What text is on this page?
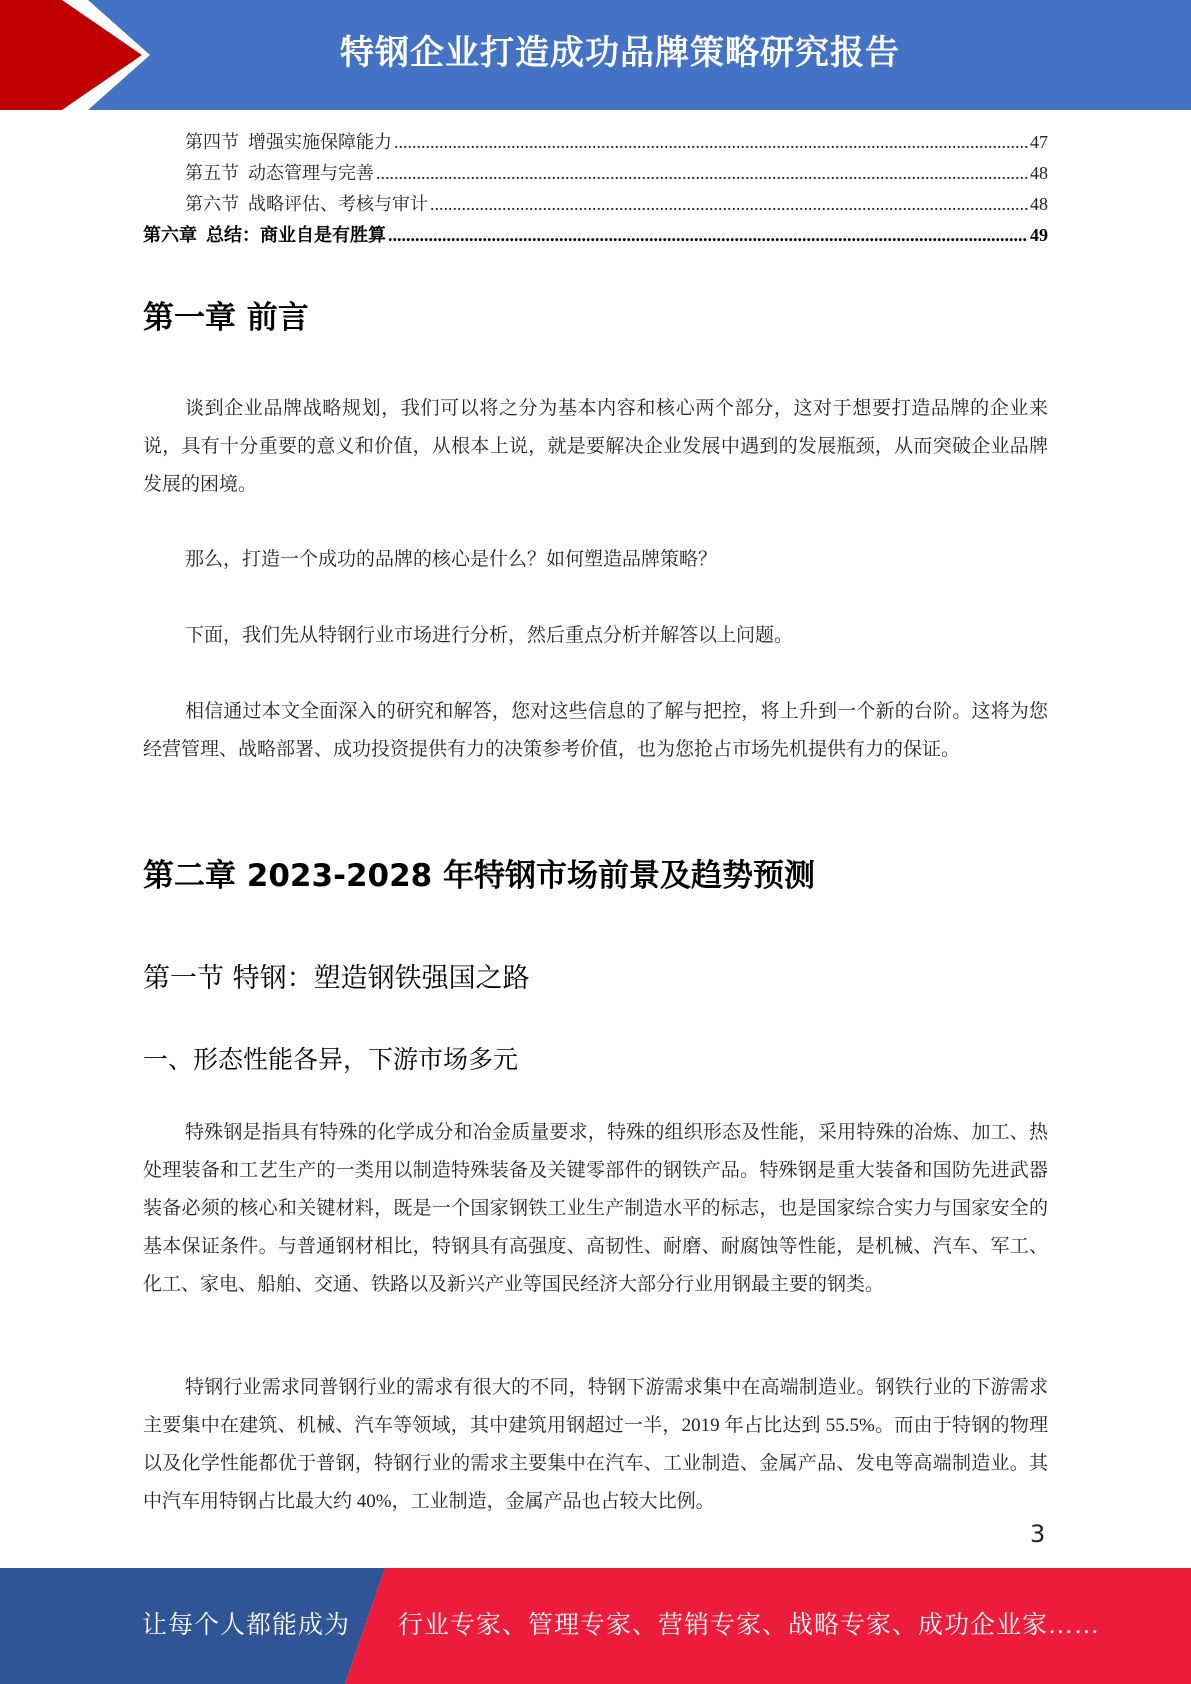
特钢企业打造成功品牌策略研究报告
第四节  增强实施保障能力 .....	47
第五节  动态管理与完善 .....	48
第六节  战略评估、考核与审计 .....	48
第六章  总结：商业自是有胜算 .....	49
第一章 前言

谈到企业品牌战略规划，我们可以将之分为基本内容和核心两个部分，这对于想要打造品牌的企业来说，具有十分重要的意义和价值，从根本上说，就是要解决企业发展中遇到的发展瓶颈，从而突破企业品牌发展的困境。

那么，打造一个成功的品牌的核心是什么？如何塑造品牌策略？

下面，我们先从特钢行业市场进行分析，然后重点分析并解答以上问题。

相信通过本文全面深入的研究和解答，您对这些信息的了解与把控，将上升到一个新的台阶。这将为您经营管理、战略部署、成功投资提供有力的决策参考价值，也为您抢占市场先机提供有力的保证。

第二章 2023-2028 年特钢市场前景及趋势预测
第一节 特钢：塑造钢铁强国之路
一、形态性能各异，下游市场多元

特殊钢是指具有特殊的化学成分和冶金质量要求，特殊的组织形态及性能，采用特殊的冶炼、加工、热处理装备和工艺生产的一类用以制造特殊装备及关键零部件的钢铁产品。特殊钢是重大装备和国防先进武器装备必须的核心和关键材料，既是一个国家钢铁工业生产制造水平的标志，也是国家综合实力与国家安全的基本保证条件。与普通钢材相比，特钢具有高强度、高韧性、耐磨、耐腐蚀等性能，是机械、汽车、军工、化工、家电、船舶、交通、铁路以及新兴产业等国民经济大部分行业用钢最主要的钢类。

特钢行业需求同普钢行业的需求有很大的不同，特钢下游需求集中在高端制造业。钢铁行业的下游需求主要集中在建筑、机械、汽车等领域，其中建筑用钢超过一半，2019 年占比达到 55.5%。而由于特钢的物理以及化学性能都优于普钢，特钢行业的需求主要集中在汽车、工业制造、金属产品、发电等高端制造业。其中汽车用特钢占比最大约 40%，工业制造，金属产品也占较大比例。

3
让每个人都能成为 行业专家、管理专家、营销专家、战略专家、成功企业家……
